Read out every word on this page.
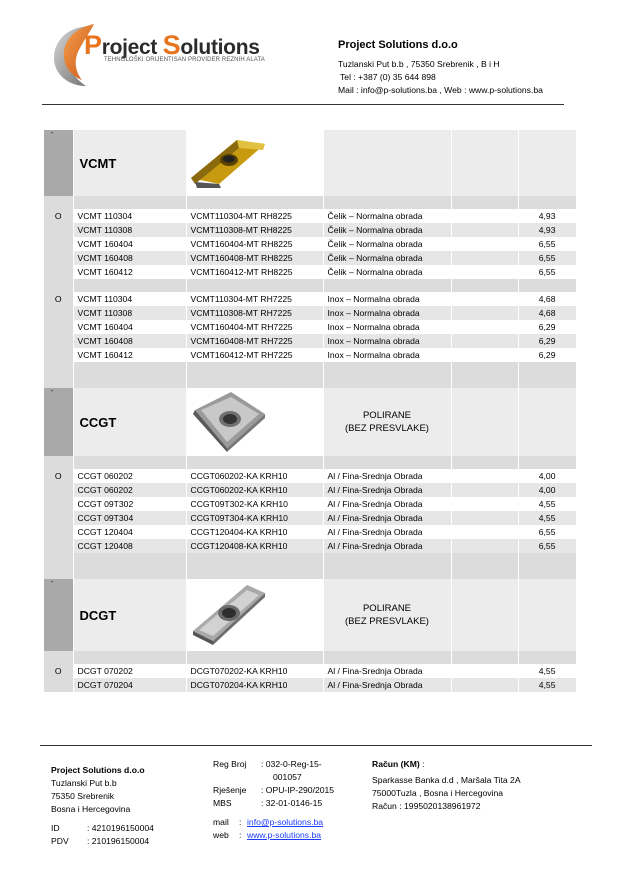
Project Solutions
TEHNOLOŠKI ORIJENTISAN PROVIDER REZNIH ALATA
Project Solutions d.o.o
Tuzlanski Put b.b , 75350 Srebrenik , B i H
Tel : +387 (0) 35 644 898
Mail : info@p-solutions.ba , Web : www.p-solutions.ba
•	VCMT		

O	VCMT 110304	VCMT110304-MT RH8225	Čelik – Normalna obrada		4,93
	VCMT 110308	VCMT110308-MT RH8225	Čelik – Normalna obrada		4,93
	VCMT 160404	VCMT160404-MT RH8225	Čelik – Normalna obrada		6,55
	VCMT 160408	VCMT160408-MT RH8225	Čelik – Normalna obrada		6,55
	VCMT 160412	VCMT160412-MT RH8225	Čelik – Normalna obrada		6,55

O	VCMT 110304	VCMT110304-MT RH7225	Inox – Normalna obrada		4,68
	VCMT 110308	VCMT110308-MT RH7225	Inox – Normalna obrada		4,68
	VCMT 160404	VCMT160404-MT RH7225	Inox – Normalna obrada		6,29
	VCMT 160408	VCMT160408-MT RH7225	Inox – Normalna obrada		6,29
	VCMT 160412	VCMT160412-MT RH7225	Inox – Normalna obrada		6,29

•	CCGT		POLIRANE
(BEZ PRESVLAKE)		

O	CCGT 060202	CCGT060202-KA KRH10	Al / Fina-Srednja Obrada		4,00
	CCGT 060202	CCGT060202-KA KRH10	Al / Fina-Srednja Obrada		4,00
	CCGT 09T302	CCGT09T302-KA KRH10	Al / Fina-Srednja Obrada		4,55
	CCGT 09T304	CCGT09T304-KA KRH10	Al / Fina-Srednja Obrada		4,55
	CCGT 120404	CCGT120404-KA KRH10	Al / Fina-Srednja Obrada		6,55
	CCGT 120408	CCGT120408-KA KRH10	Al / Fina-Srednja Obrada		6,55

•	DCGT		POLIRANE
(BEZ PRESVLAKE)		

O	DCGT 070202	DCGT070202-KA KRH10	Al / Fina-Srednja Obrada		4,55
	DCGT 070204	DCGT070204-KA KRH10	Al / Fina-Srednja Obrada		4,55
Project Solutions d.o.o
Tuzlanski Put b.b
75350 Srebrenik
Bosna i Hercegovina
ID	: 4210196150004
PDV	: 210196150004
Reg Broj	: 032-0-Reg-15-
001057
Rješenje	: OPU-IP-290/2015
MBS	: 32-01-0146-15
mail	: info@p-solutions.ba
web	: www.p-solutions.ba
Račun (KM) :
Sparkasse Banka d.d , Maršala Tita 2A
75000Tuzla , Bosna i Hercegovina
Račun : 1995020138961972
